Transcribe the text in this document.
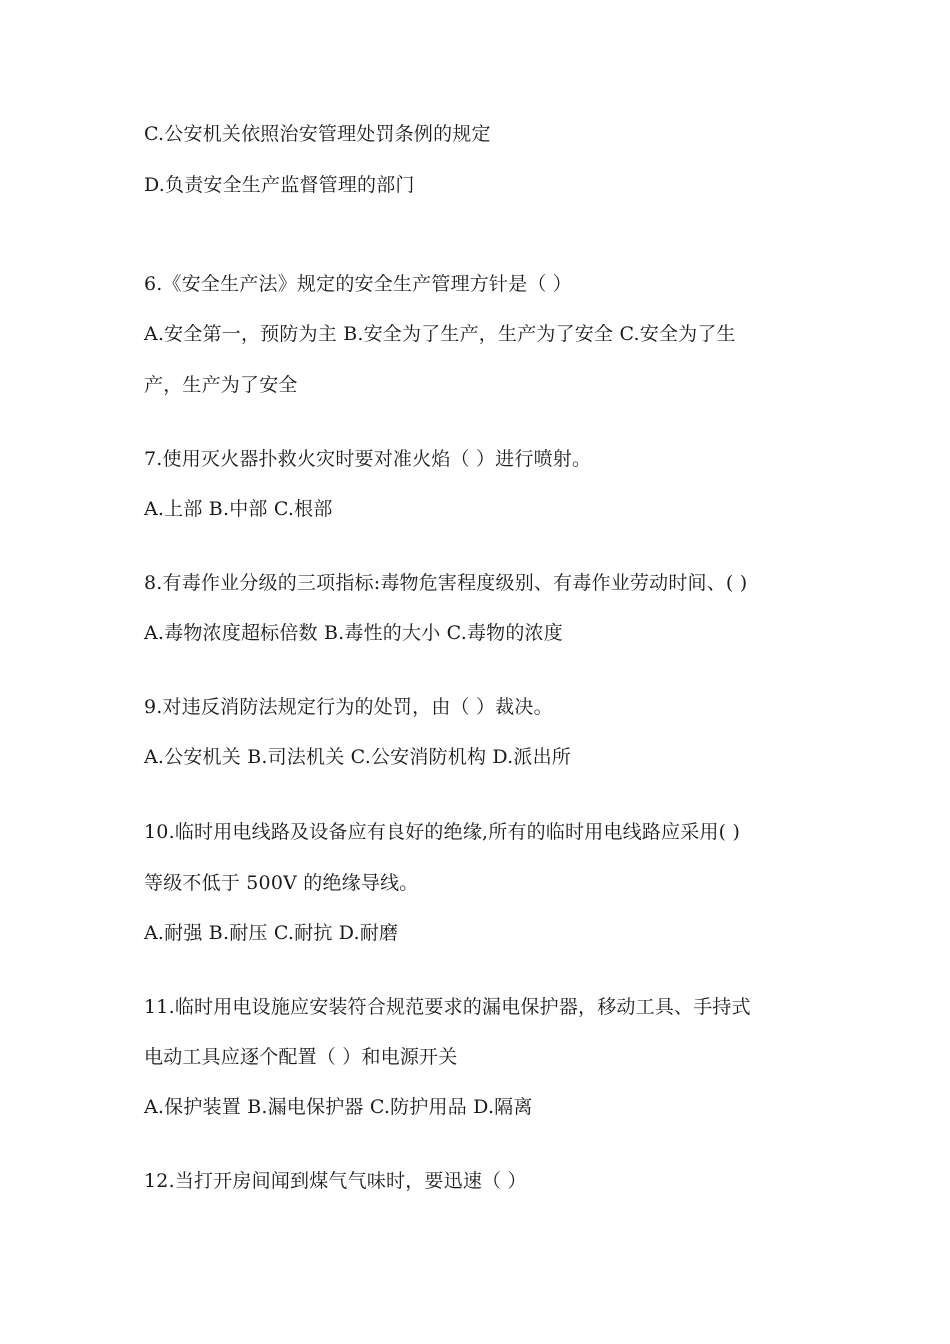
C.公安机关依照治安管理处罚条例的规定
D.负责安全生产监督管理的部门
6.《安全生产法》规定的安全生产管理方针是（ ）
A.安全第一，预防为主 B.安全为了生产，生产为了安全 C.安全为了生
产，生产为了安全
7.使用灭火器扑救火灾时要对准火焰（ ）进行喷射。
A.上部 B.中部 C.根部
8.有毒作业分级的三项指标:毒物危害程度级别、有毒作业劳动时间、( )
A.毒物浓度超标倍数 B.毒性的大小 C.毒物的浓度
9.对违反消防法规定行为的处罚，由（ ）裁决。
A.公安机关 B.司法机关 C.公安消防机构 D.派出所
10.临时用电线路及设备应有良好的绝缘,所有的临时用电线路应采用( )
等级不低于 500V 的绝缘导线。
A.耐强 B.耐压 C.耐抗 D.耐磨
11.临时用电设施应安装符合规范要求的漏电保护器，移动工具、手持式
电动工具应逐个配置（ ）和电源开关
A.保护装置 B.漏电保护器 C.防护用品 D.隔离
12.当打开房间闻到煤气气味时，要迅速（ ）
